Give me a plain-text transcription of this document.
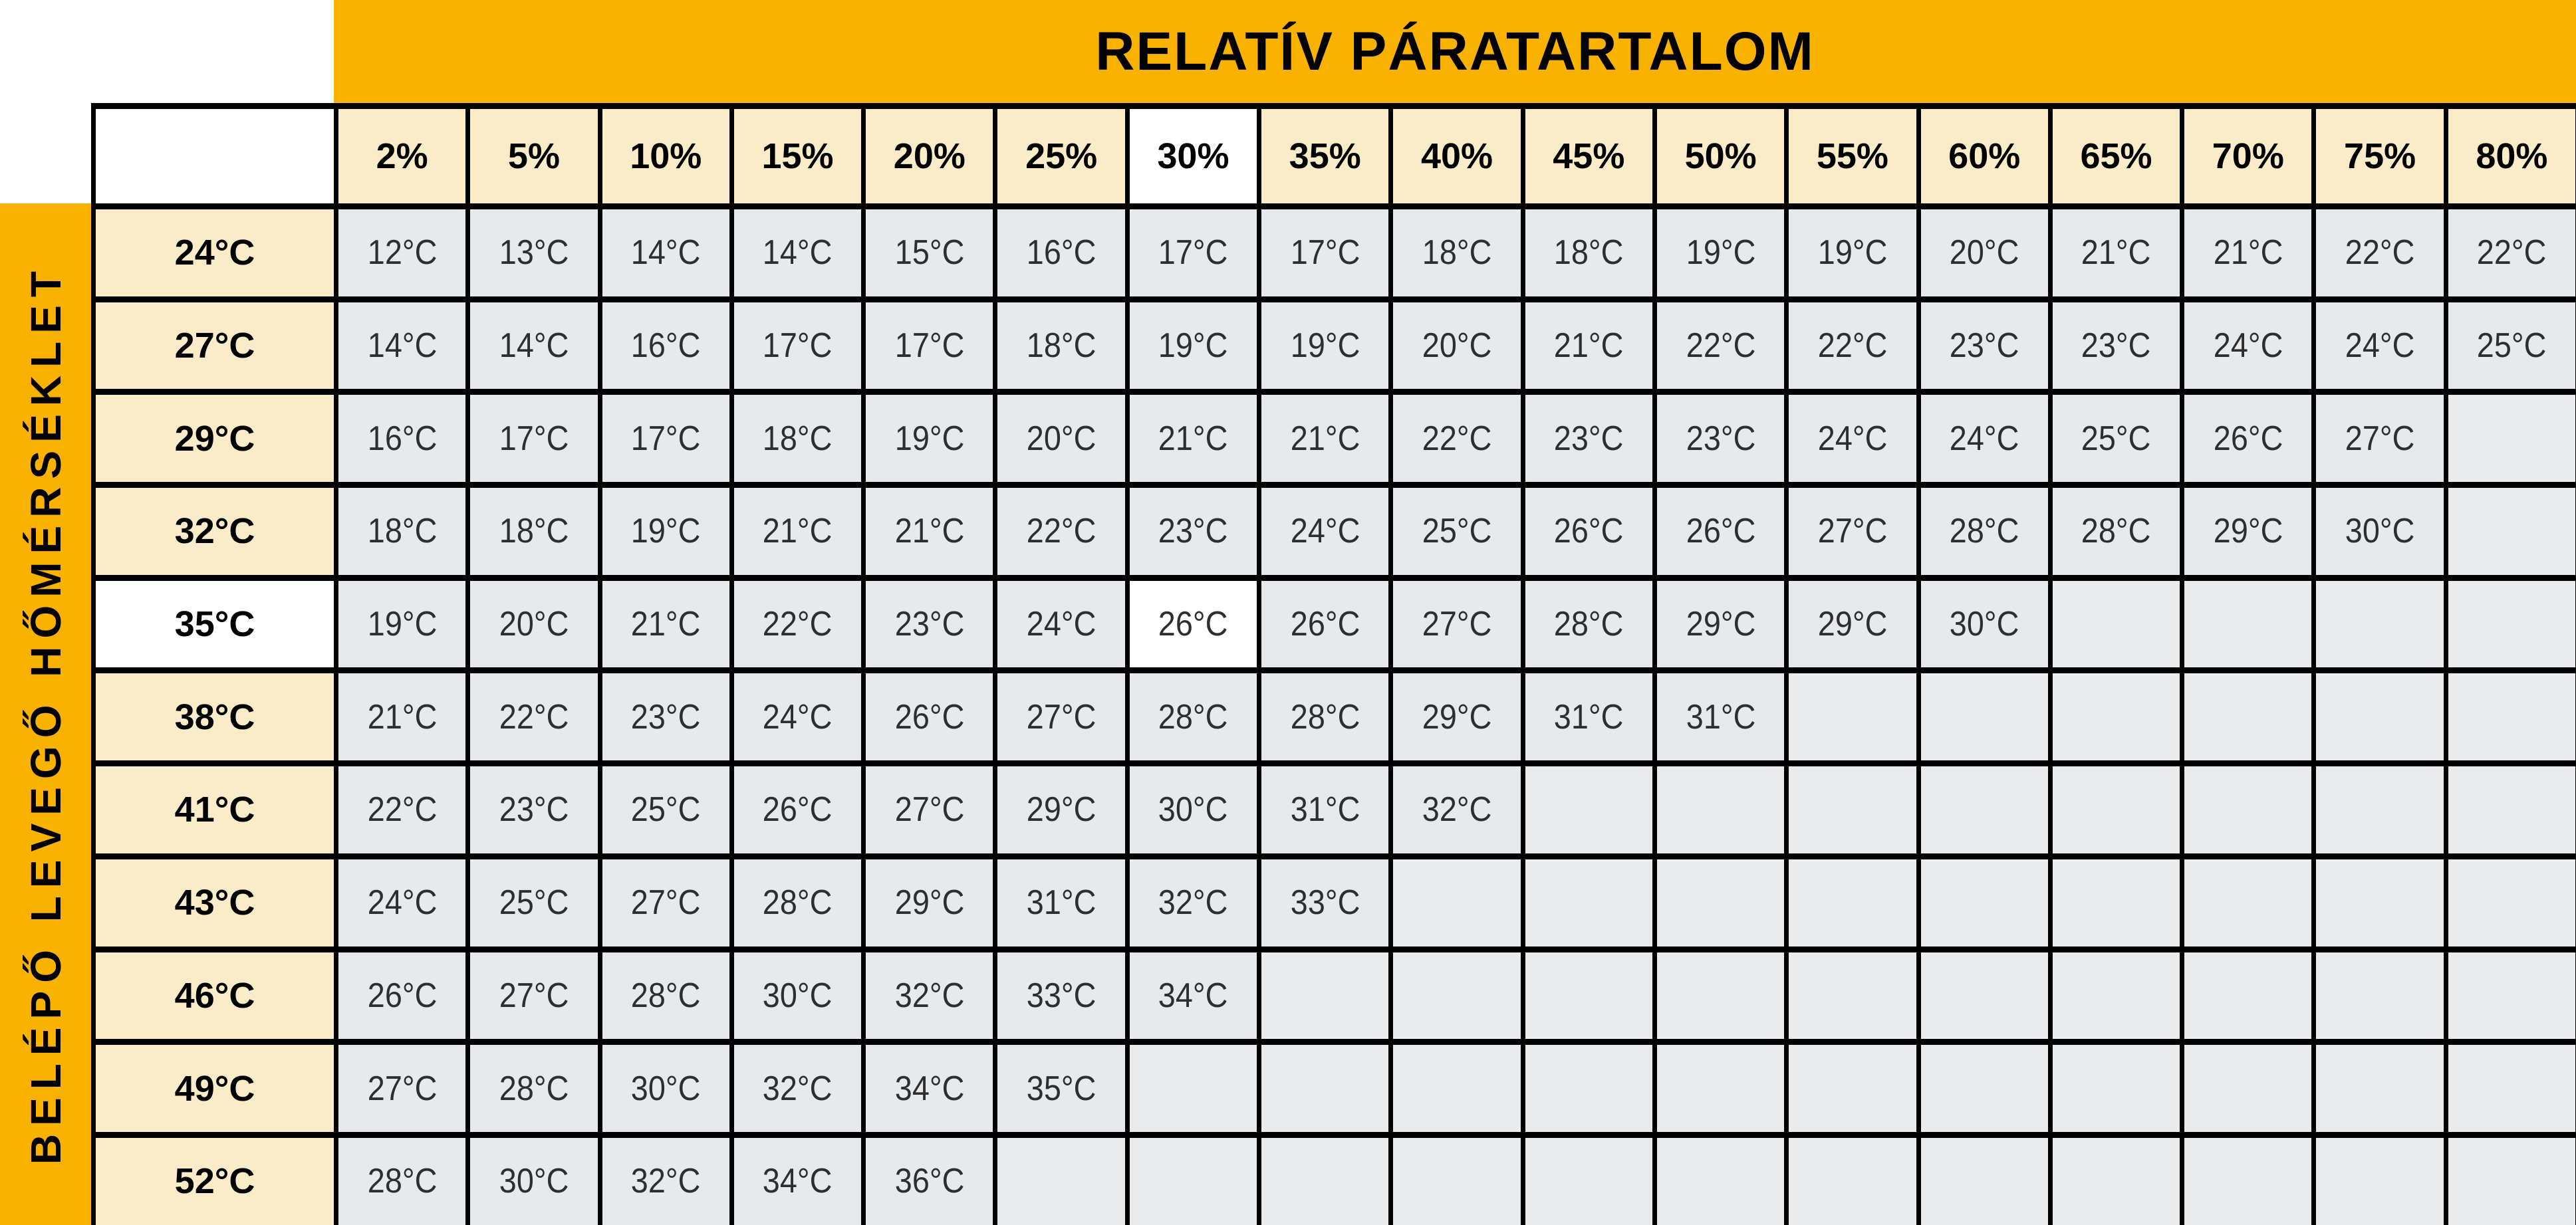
RELATÍV PÁRATARTALOM
BELÉPŐ LEVEGŐ HŐMÉRSÉKLET
	2%	5%	10%	15%	20%	25%	30%	35%	40%	45%	50%	55%	60%	65%	70%	75%	80%
24°C	12°C	13°C	14°C	14°C	15°C	16°C	17°C	17°C	18°C	18°C	19°C	19°C	20°C	21°C	21°C	22°C	22°C
27°C	14°C	14°C	16°C	17°C	17°C	18°C	19°C	19°C	20°C	21°C	22°C	22°C	23°C	23°C	24°C	24°C	25°C
29°C	16°C	17°C	17°C	18°C	19°C	20°C	21°C	21°C	22°C	23°C	23°C	24°C	24°C	25°C	26°C	27°C	
32°C	18°C	18°C	19°C	21°C	21°C	22°C	23°C	24°C	25°C	26°C	26°C	27°C	28°C	28°C	29°C	30°C	
35°C	19°C	20°C	21°C	22°C	23°C	24°C	26°C	26°C	27°C	28°C	29°C	29°C	30°C				
38°C	21°C	22°C	23°C	24°C	26°C	27°C	28°C	28°C	29°C	31°C	31°C						
41°C	22°C	23°C	25°C	26°C	27°C	29°C	30°C	31°C	32°C								
43°C	24°C	25°C	27°C	28°C	29°C	31°C	32°C	33°C									
46°C	26°C	27°C	28°C	30°C	32°C	33°C	34°C										
49°C	27°C	28°C	30°C	32°C	34°C	35°C											
52°C	28°C	30°C	32°C	34°C	36°C												
